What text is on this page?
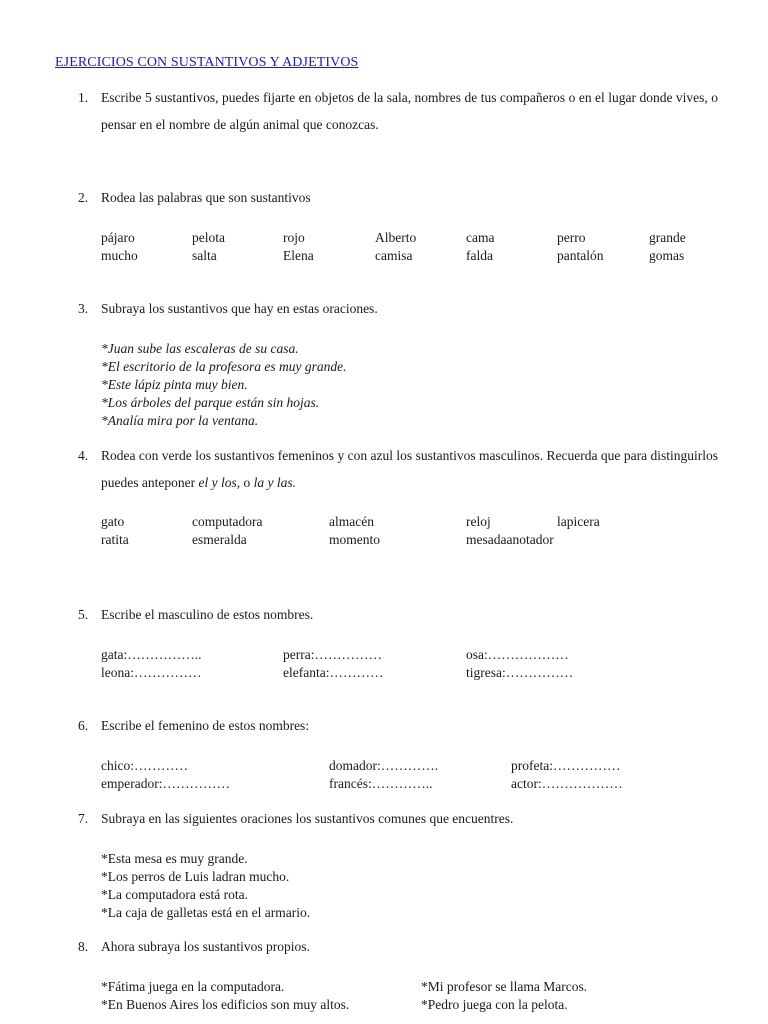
EJERCICIOS CON SUSTANTIVOS Y ADJETIVOS
1. Escribe 5 sustantivos, puedes fijarte en objetos de la sala, nombres de tus compañeros o en el lugar donde vives, o pensar en el nombre de algún animal que conozcas.
2. Rodea las palabras que son sustantivos
pájaro	pelota	rojo	Alberto	cama	perro	grande
mucho	salta	Elena	camisa	falda	pantalón	gomas
3. Subraya los sustantivos que hay en estas oraciones.
*Juan sube las escaleras de su casa.
*El escritorio de la profesora es muy grande.
*Este lápiz pinta muy bien.
*Los árboles del parque están sin hojas.
*Analía mira por la ventana.
4. Rodea con verde los sustantivos femeninos y con azul los sustantivos masculinos. Recuerda que para distinguirlos puedes anteponer el y los, o la y las.
gato	computadora	almacén	reloj	lapicera
ratita	esmeralda	momento	mesadaanotador
5. Escribe el masculino de estos nombres.
gata:……………..	perra:……………	osa:………………
leona:……………	elefanta:…………	tigresa:……………
6. Escribe el femenino de estos nombres:
chico:…………	domador:………….	profeta:……………
emperador:……………	francés:…………..	actor:………………
7. Subraya en las siguientes oraciones los sustantivos comunes que encuentres.
*Esta mesa es muy grande.
*Los perros de Luis ladran mucho.
*La computadora está rota.
*La caja de galletas está en el armario.
8. Ahora subraya los sustantivos propios.
*Fátima juega en la computadora.
*En Buenos Aires los edificios son muy altos.
*Mi profesor se llama Marcos.
*Pedro juega con la pelota.
